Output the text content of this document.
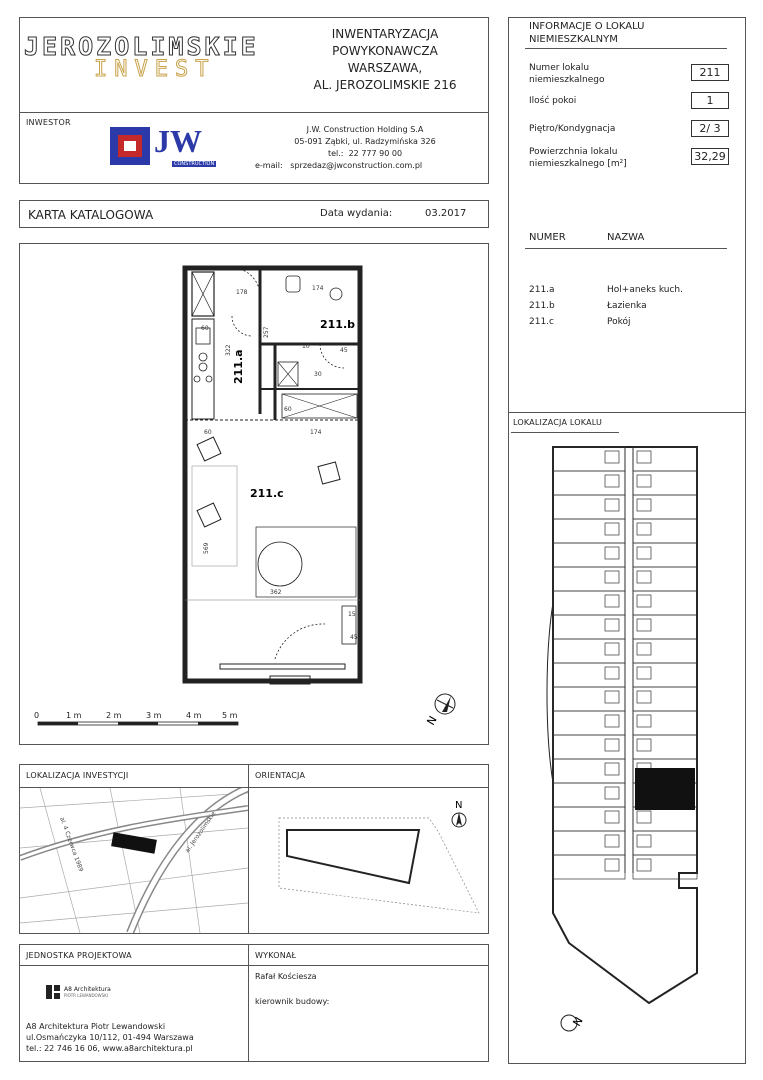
JEROZOLIMSKIE
INVEST
INWENTARYZACJA
POWYKONAWCZA
WARSZAWA,
AL. JEROZOLIMSKIE 216
INWESTOR
JW
CONSTRUCTION
J.W. Construction Holding S.A
05-091 Ząbki, ul. Radzymińska 326
tel.: 22 777 90 00
e-mail: sprzedaz@jwconstruction.com.pl
KARTA KATALOGOWA	Data wydania:	03.2017
211.b
211.a
211.c
178
174
257
10
45
30
60
60
174
569
362
45
15
322
60
N
0	1 m	2 m	3 m	4 m	5 m
LOKALIZACJA INVESTYCJI
al. 4 Czerwca 1989	al. Jerozolimskie
ORIENTACJA
N
JEDNOSTKA PROJEKTOWA
A8 Architektura
PIOTR LEWANDOWSKI
A8 Architektura Piotr Lewandowski
ul.Osmańczyka 10/112, 01-494 Warszawa
tel.: 22 746 16 06, www.a8architektura.pl
WYKONAŁ
Rafał Kościesza
kierownik budowy:
INFORMACJE O LOKALU
NIEMIESZKALNYM
Numer lokalu niemieszkalnego
211
Ilość pokoi	1
Piętro/Kondygnacja	2/ 3
Powierzchnia lokalu niemieszkalnego [m²]
32,29
NUMER	NAZWA
211.a	Hol+aneks kuch.
211.b	Łazienka
211.c	Pokój
LOKALIZACJA LOKALU
N
